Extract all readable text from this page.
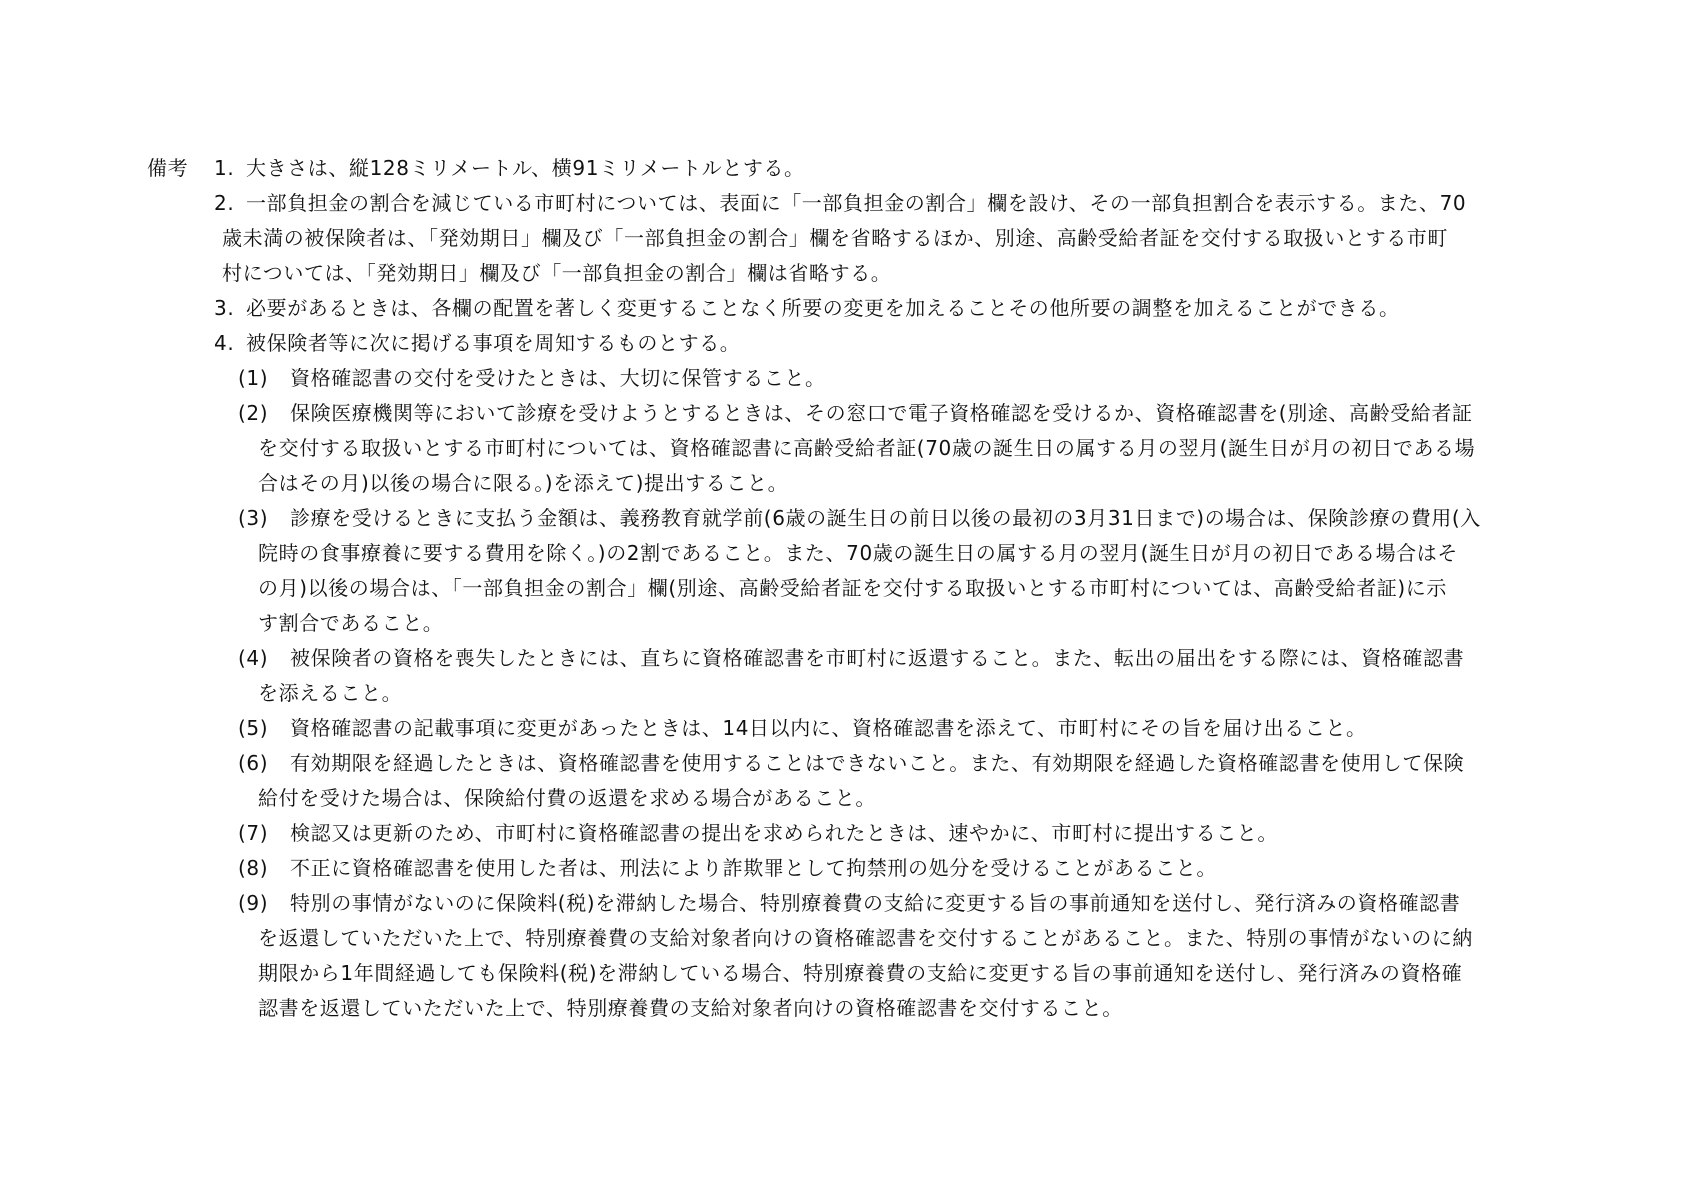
備考 1. 大きさは、縦128ミリメートル、横91ミリメートルとする。
2. 一部負担金の割合を減じている市町村については、表面に「一部負担金の割合」欄を設け、その一部負担割合を表示する。また、70
歳未満の被保険者は、「発効期日」欄及び「一部負担金の割合」欄を省略するほか、別途、高齢受給者証を交付する取扱いとする市町
村については、「発効期日」欄及び「一部負担金の割合」欄は省略する。
3. 必要があるときは、各欄の配置を著しく変更することなく所要の変更を加えることその他所要の調整を加えることができる。
4. 被保険者等に次に掲げる事項を周知するものとする。
(1) 資格確認書の交付を受けたときは、大切に保管すること。
(2) 保険医療機関等において診療を受けようとするときは、その窓口で電子資格確認を受けるか、資格確認書を(別途、高齢受給者証
を交付する取扱いとする市町村については、資格確認書に高齢受給者証(70歳の誕生日の属する月の翌月(誕生日が月の初日である場
合はその月)以後の場合に限る。)を添えて)提出すること。
(3) 診療を受けるときに支払う金額は、義務教育就学前(6歳の誕生日の前日以後の最初の3月31日まで)の場合は、保険診療の費用(入
院時の食事療養に要する費用を除く。)の2割であること。また、70歳の誕生日の属する月の翌月(誕生日が月の初日である場合はそ
の月)以後の場合は、「一部負担金の割合」欄(別途、高齢受給者証を交付する取扱いとする市町村については、高齢受給者証)に示
す割合であること。
(4) 被保険者の資格を喪失したときには、直ちに資格確認書を市町村に返還すること。また、転出の届出をする際には、資格確認書
を添えること。
(5) 資格確認書の記載事項に変更があったときは、14日以内に、資格確認書を添えて、市町村にその旨を届け出ること。
(6) 有効期限を経過したときは、資格確認書を使用することはできないこと。また、有効期限を経過した資格確認書を使用して保険
給付を受けた場合は、保険給付費の返還を求める場合があること。
(7) 検認又は更新のため、市町村に資格確認書の提出を求められたときは、速やかに、市町村に提出すること。
(8) 不正に資格確認書を使用した者は、刑法により詐欺罪として拘禁刑の処分を受けることがあること。
(9) 特別の事情がないのに保険料(税)を滞納した場合、特別療養費の支給に変更する旨の事前通知を送付し、発行済みの資格確認書
を返還していただいた上で、特別療養費の支給対象者向けの資格確認書を交付することがあること。また、特別の事情がないのに納
期限から1年間経過しても保険料(税)を滞納している場合、特別療養費の支給に変更する旨の事前通知を送付し、発行済みの資格確
認書を返還していただいた上で、特別療養費の支給対象者向けの資格確認書を交付すること。
